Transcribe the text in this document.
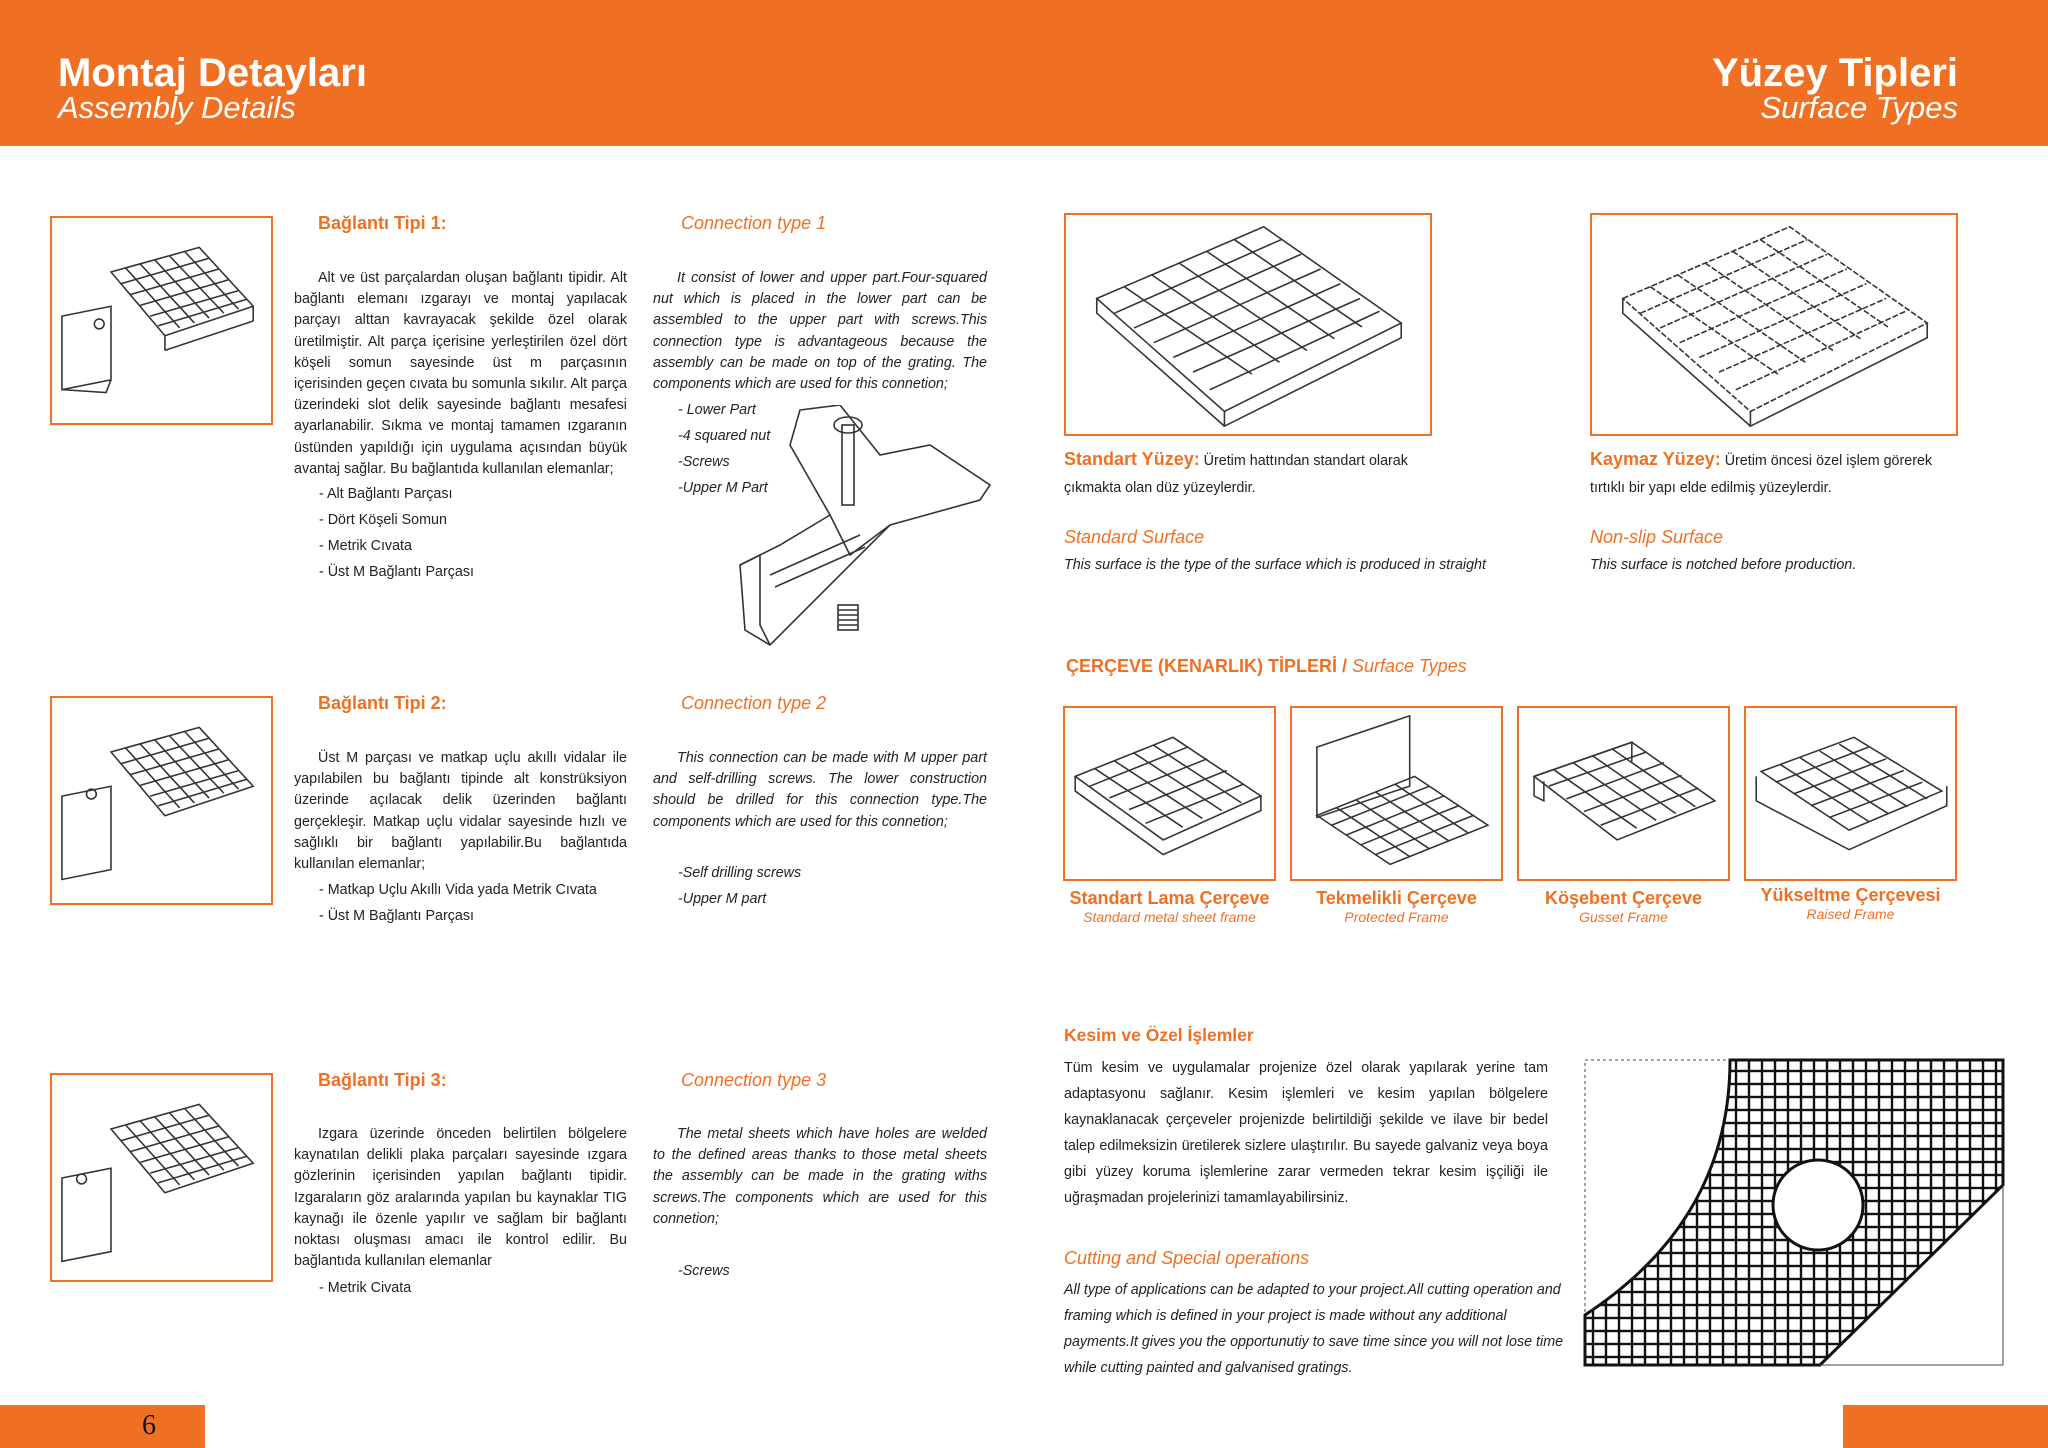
Montaj Detayları
Assembly Details
Yüzey Tipleri
Surface Types
Bağlantı Tipi 1:	Connection type 1
Alt ve üst parçalardan oluşan bağlantı tipidir. Alt bağlantı elemanı ızgarayı ve montaj yapılacak parçayı alttan kavrayacak şekilde özel olarak üretilmiştir. Alt parça içerisine yerleştirilen özel dört köşeli somun sayesinde üst m parçasının içerisinden geçen cıvata bu somunla sıkılır. Alt parça üzerindeki slot delik sayesinde bağlantı mesafesi ayarlanabilir. Sıkma ve montaj tamamen ızgaranın üstünden yapıldığı için uygulama açısından büyük avantaj sağlar. Bu bağlantıda kullanılan elemanlar;
- Alt Bağlantı Parçası
- Dört Köşeli Somun
- Metrik Cıvata
- Üst M Bağlantı Parçası
It consist of lower and upper part.Four-squared nut which is placed in the lower part can be assembled to the upper part with screws.This connection type is advantageous because the assembly can be made on top of the grating. The components which are used for this connetion;
- Lower Part
-4 squared nut
-Screws
-Upper M Part
Bağlantı Tipi 2:	Connection type 2
Üst M parçası ve matkap uçlu akıllı vidalar ile yapılabilen bu bağlantı tipinde alt konstrüksiyon üzerinde açılacak delik üzerinden bağlantı gerçekleşir. Matkap uçlu vidalar sayesinde hızlı ve sağlıklı bir bağlantı yapılabilir.Bu bağlantıda kullanılan elemanlar;
- Matkap Uçlu Akıllı Vida yada Metrik Cıvata
- Üst M Bağlantı Parçası
This connection can be made with M upper part and self-drilling screws. The lower construction should be drilled for this connection type.The components which are used for this connetion;
-Self drilling screws
-Upper M part
Bağlantı Tipi 3:	Connection type 3
Izgara üzerinde önceden belirtilen bölgelere kaynatılan delikli plaka parçaları sayesinde ızgara gözlerinin içerisinden yapılan bağlantı tipidir. Izgaraların göz aralarında yapılan bu kaynaklar TIG kaynağı ile özenle yapılır ve sağlam bir bağlantı noktası oluşması amacı ile kontrol edilir. Bu bağlantıda kullanılan elemanlar
- Metrik Civata
The metal sheets which have holes are welded to the defined areas thanks to those metal sheets the assembly can be made in the grating withs screws.The components which are used for this connetion;
-Screws
Standart Yüzey: Üretim hattından standart olarak
çıkmakta olan düz yüzeylerdir.
Standard Surface
This surface is the type of the surface which is produced in straight
Kaymaz Yüzey: Üretim öncesi özel işlem görerek
tırtıklı bir yapı elde edilmiş yüzeylerdir.
Non-slip Surface
This surface is notched before production.
ÇERÇEVE (KENARLIK) TİPLERİ / Surface Types
Standart Lama Çerçeve
Standard metal sheet frame
Tekmelikli Çerçeve
Protected Frame
Köşebent Çerçeve
Gusset Frame
Yükseltme Çerçevesi
Raised Frame
Kesim ve Özel İşlemler
Tüm kesim ve uygulamalar projenize özel olarak yapılarak yerine tam adaptasyonu sağlanır. Kesim işlemleri ve kesim yapılan bölgelere kaynaklanacak çerçeveler projenizde belirtildiği şekilde ve ilave bir bedel talep edilmeksizin üretilerek sizlere ulaştırılır. Bu sayede galvaniz veya boya gibi yüzey koruma işlemlerine zarar vermeden tekrar kesim işçiliği ile uğraşmadan projelerinizi tamamlayabilirsiniz.
Cutting and Special operations
All type of applications can be adapted to your project.All cutting operation and framing which is defined in your project is made without any additional payments.It gives you the opportunutiy to save time since you will not lose time while cutting painted and galvanised gratings.
6
